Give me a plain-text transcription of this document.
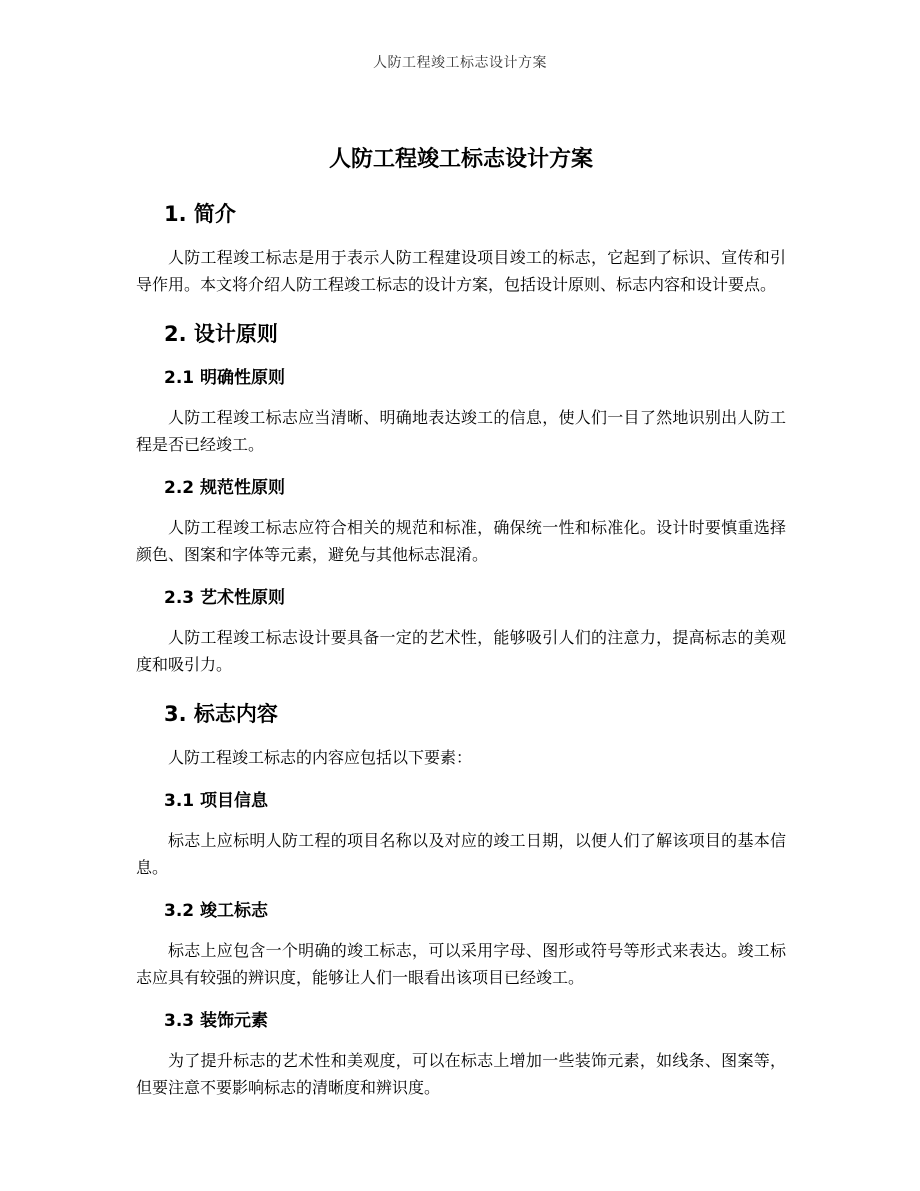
人防工程竣工标志设计方案
人防工程竣工标志设计方案
1. 简介

人防工程竣工标志是用于表示人防工程建设项目竣工的标志，它起到了标识、宣传和引导作用。本文将介绍人防工程竣工标志的设计方案，包括设计原则、标志内容和设计要点。

2. 设计原则
2.1 明确性原则

人防工程竣工标志应当清晰、明确地表达竣工的信息，使人们一目了然地识别出人防工程是否已经竣工。

2.2 规范性原则

人防工程竣工标志应符合相关的规范和标准，确保统一性和标准化。设计时要慎重选择颜色、图案和字体等元素，避免与其他标志混淆。

2.3 艺术性原则

人防工程竣工标志设计要具备一定的艺术性，能够吸引人们的注意力，提高标志的美观度和吸引力。

3. 标志内容

人防工程竣工标志的内容应包括以下要素：

3.1 项目信息

标志上应标明人防工程的项目名称以及对应的竣工日期，以便人们了解该项目的基本信息。

3.2 竣工标志

标志上应包含一个明确的竣工标志，可以采用字母、图形或符号等形式来表达。竣工标志应具有较强的辨识度，能够让人们一眼看出该项目已经竣工。

3.3 装饰元素

为了提升标志的艺术性和美观度，可以在标志上增加一些装饰元素，如线条、图案等，但要注意不要影响标志的清晰度和辨识度。
